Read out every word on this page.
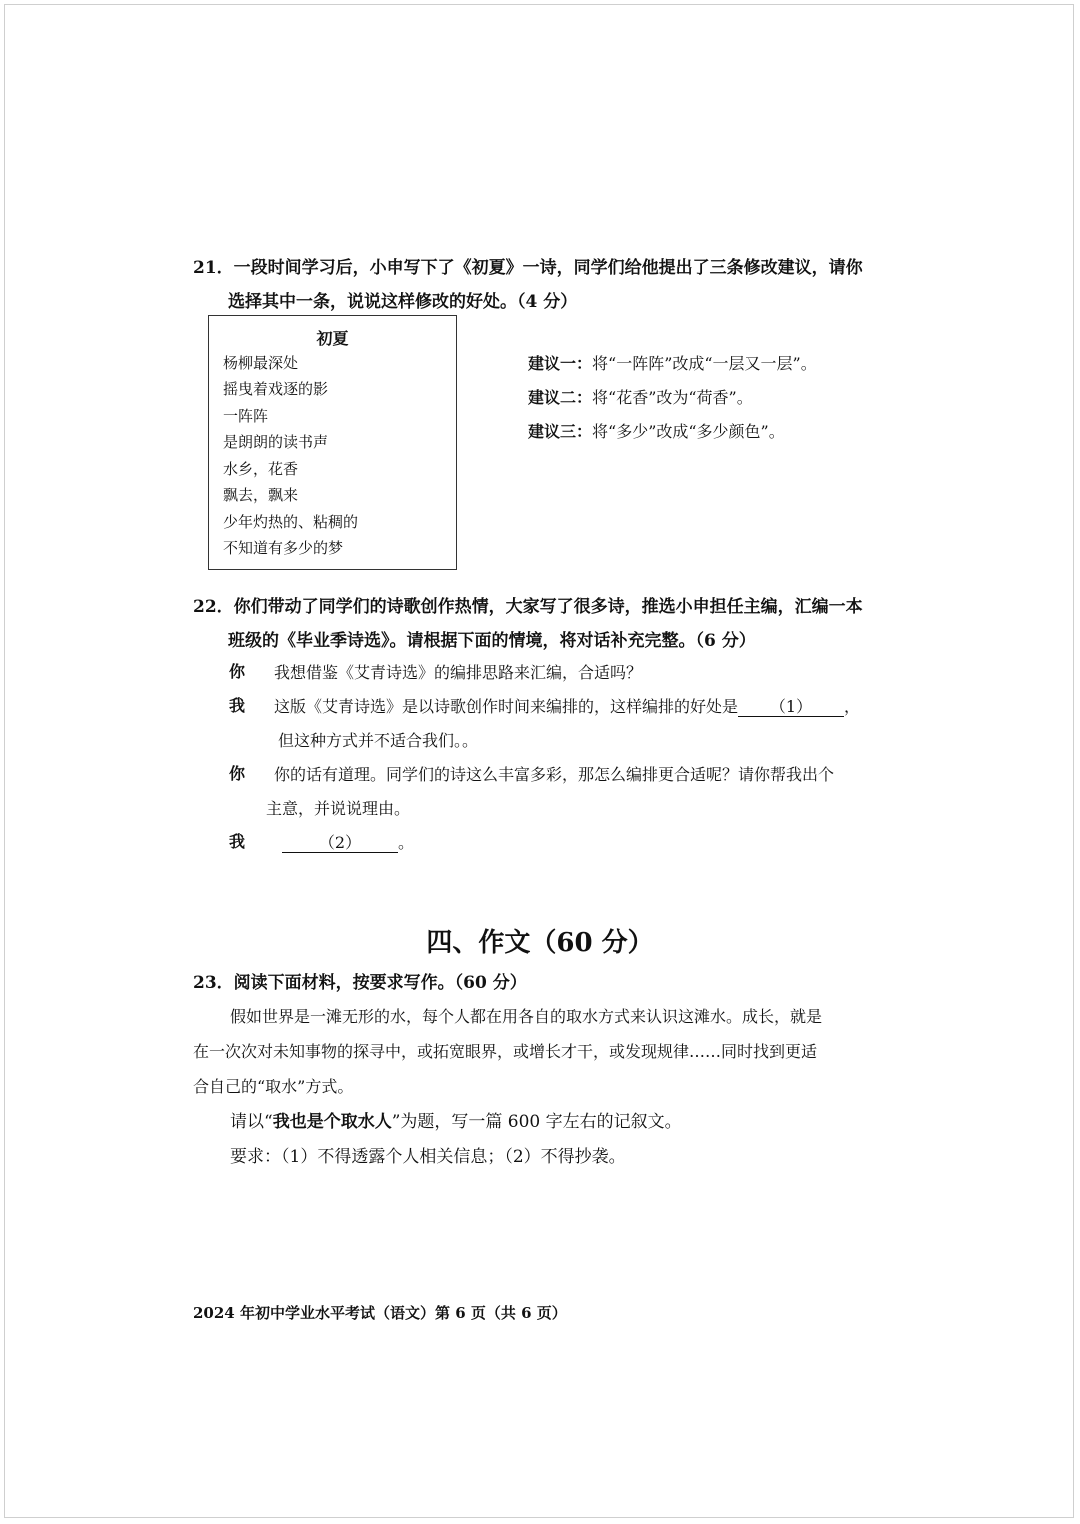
21．一段时间学习后，小申写下了《初夏》一诗，同学们给他提出了三条修改建议，请你
选择其中一条，说说这样修改的好处。（4 分）
初夏
杨柳最深处
摇曳着戏逐的影
一阵阵
是朗朗的读书声
水乡，花香
飘去，飘来
少年灼热的、粘稠的
不知道有多少的梦
建议一：将“一阵阵”改成“一层又一层”。
建议二：将“花香”改为“荷香”。
建议三：将“多少”改成“多少颜色”。
22．你们带动了同学们的诗歌创作热情，大家写了很多诗，推选小申担任主编，汇编一本
班级的《毕业季诗选》。请根据下面的情境，将对话补充完整。（6 分）
你 我想借鉴《艾青诗选》的编排思路来汇编，合适吗？
我 这版《艾青诗选》是以诗歌创作时间来编排的，这样编排的好处是 （1） ，
但这种方式并不适合我们。。
你 你的话有道理。同学们的诗这么丰富多彩，那怎么编排更合适呢？请你帮我出个
主意，并说说理由。
我	（2） 。
四、作文（60 分）
23．阅读下面材料，按要求写作。（60 分）
假如世界是一滩无形的水，每个人都在用各自的取水方式来认识这滩水。成长，就是
在一次次对未知事物的探寻中，或拓宽眼界，或增长才干，或发现规律……同时找到更适
合自己的“取水”方式。
请以“我也是个取水人”为题，写一篇 600 字左右的记叙文。
要求：（1）不得透露个人相关信息；（2）不得抄袭。
2024 年初中学业水平考试（语文）第 6 页（共 6 页）
